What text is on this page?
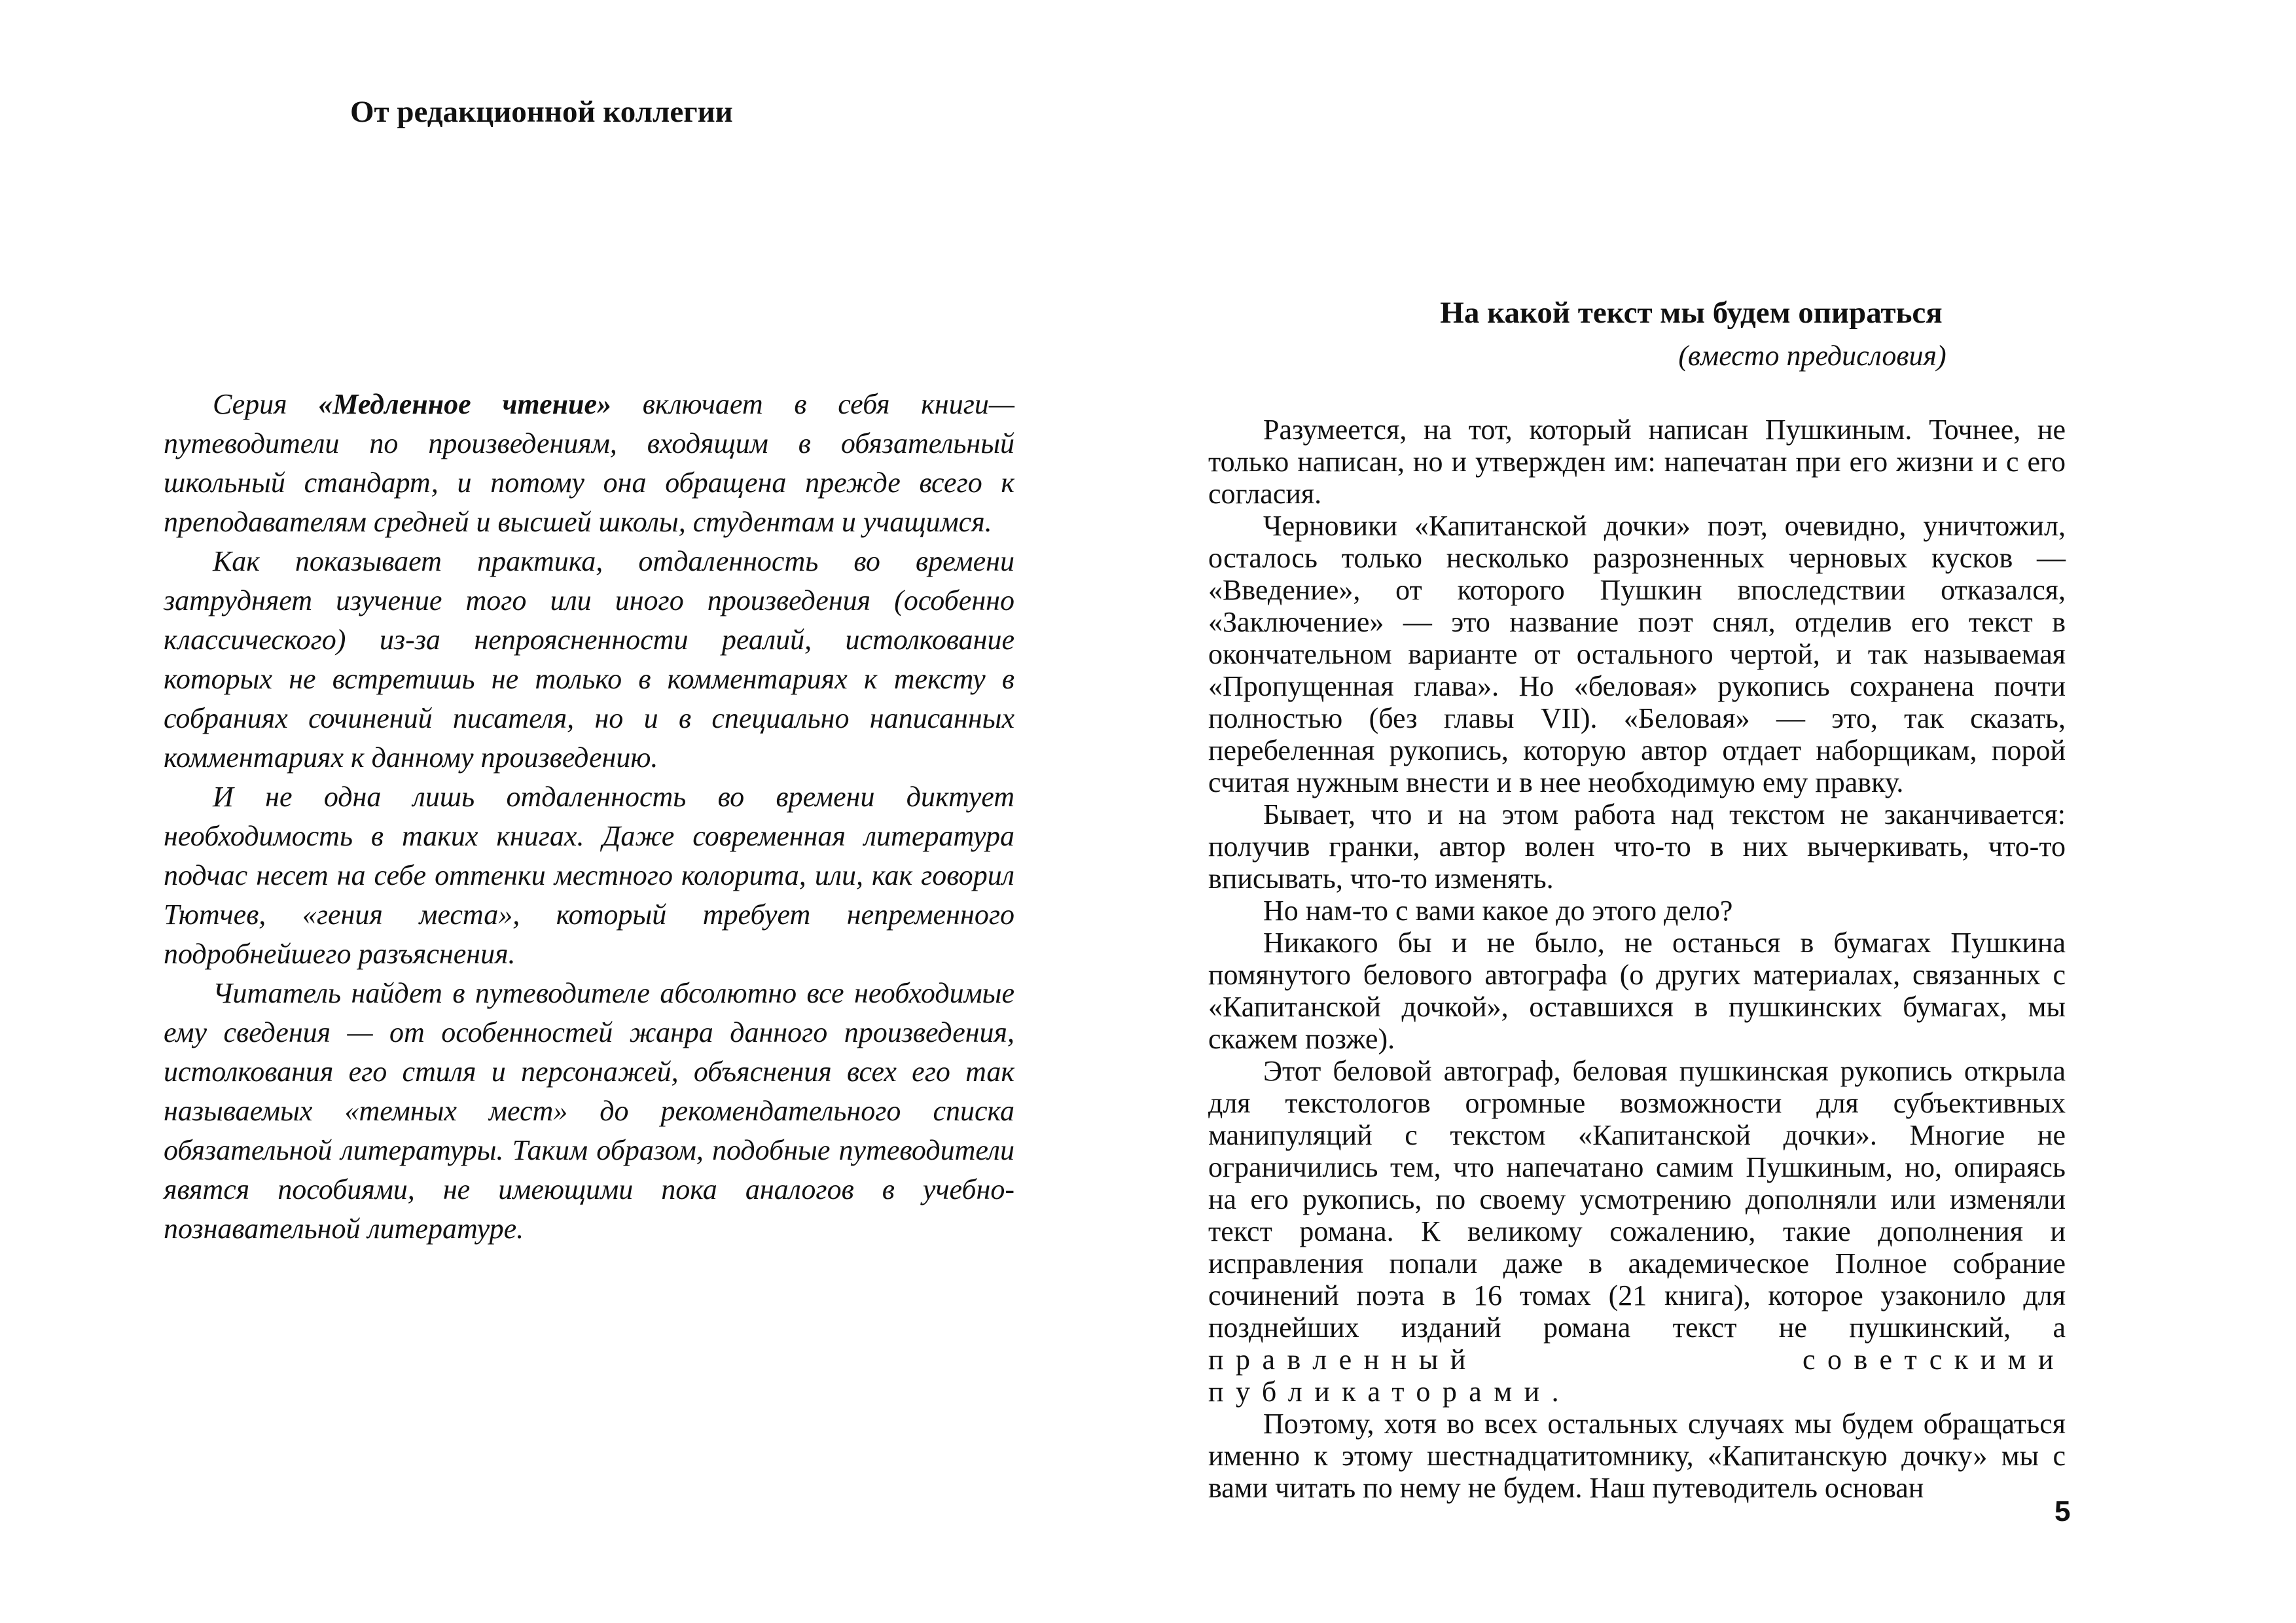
От редакционной коллегии

Серия «Медленное чтение» включает в себя книги—путеводители по произведениям, входящим в обязательный школьный стандарт, и потому она обращена прежде всего к преподавателям средней и высшей школы, студентам и учащимся.

Как показывает практика, отдаленность во времени затрудняет изучение того или иного произведения (особенно классического) из-за непроясненности реалий, истолкование которых не встретишь не только в комментариях к тексту в собраниях сочинений писателя, но и в специально написанных комментариях к данному произведению.

И не одна лишь отдаленность во времени диктует необходимость в таких книгах. Даже современная литература подчас несет на себе оттенки местного колорита, или, как говорил Тютчев, «гения места», который требует непременного подробнейшего разъяснения.

Читатель найдет в путеводителе абсолютно все необходимые ему сведения — от особенностей жанра данного произведения, истолкования его стиля и персонажей, объяснения всех его так называемых «темных мест» до рекомендательного списка обязательной литературы. Таким образом, подобные путеводители явятся пособиями, не имеющими пока аналогов в учебно-познавательной литературе.

На какой текст мы будем опираться
(вместо предисловия)

Разумеется, на тот, который написан Пушкиным. Точнее, не только написан, но и утвержден им: напечатан при его жизни и с его согласия.

Черновики «Капитанской дочки» поэт, очевидно, уничтожил, осталось только несколько разрозненных черновых кусков — «Введение», от которого Пушкин впоследствии отказался, «Заключение» — это название поэт снял, отделив его текст в окончательном варианте от остального чертой, и так называемая «Пропущенная глава». Но «беловая» рукопись сохранена почти полностью (без главы VII). «Беловая» — это, так сказать, перебеленная рукопись, которую автор отдает наборщикам, порой считая нужным внести и в нее необходимую ему правку.

Бывает, что и на этом работа над текстом не заканчивается: получив гранки, автор волен что-то в них вычеркивать, что-то вписывать, что-то изменять.

Но нам-то с вами какое до этого дело?

Никакого бы и не было, не останься в бумагах Пушкина помянутого белового автографа (о других материалах, связанных с «Капитанской дочкой», оставшихся в пушкинских бумагах, мы скажем позже).

Этот беловой автограф, беловая пушкинская рукопись открыла для текстологов огромные возможности для субъективных манипуляций с текстом «Капитанской дочки». Многие не ограничились тем, что напечатано самим Пушкиным, но, опираясь на его рукопись, по своему усмотрению дополняли или изменяли текст романа. К великому сожалению, такие дополнения и исправления попали даже в академическое Полное собрание сочинений поэта в 16 томах (21 книга), которое узаконило для позднейших изданий романа текст не пушкинский, а правленный советскими публикаторами.

Поэтому, хотя во всех остальных случаях мы будем обращаться именно к этому шестнадцатитомнику, «Капитанскую дочку» мы с вами читать по нему не будем. Наш путеводитель основан

5
